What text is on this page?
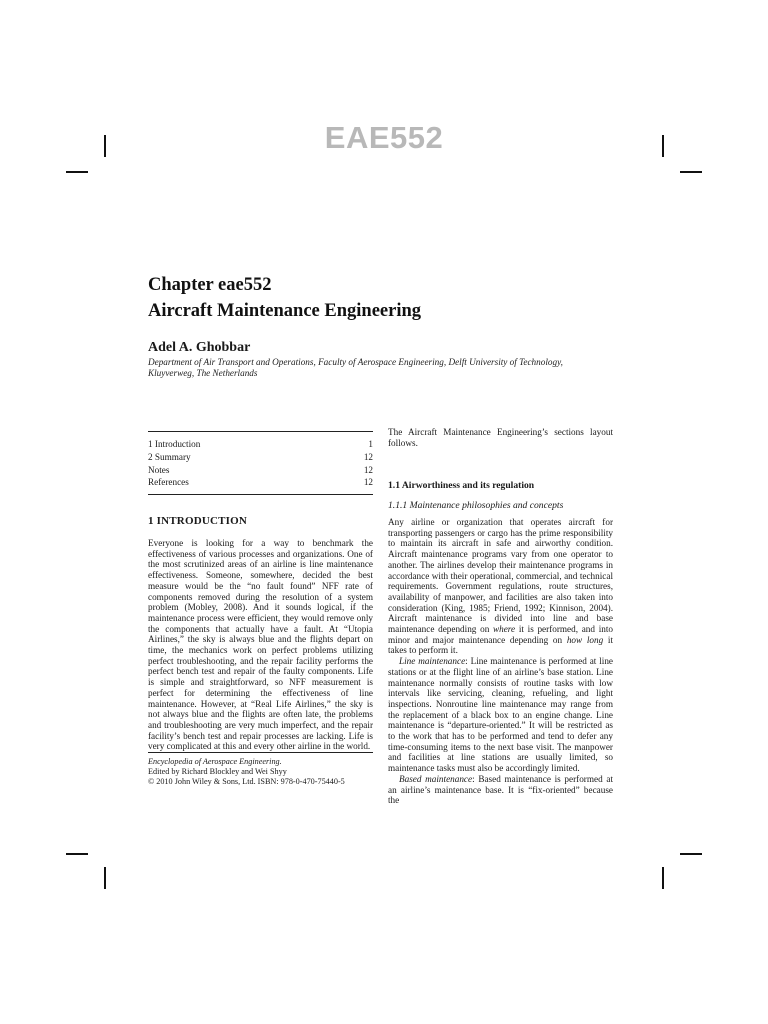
EAE552
Chapter eae552
Aircraft Maintenance Engineering
Adel A. Ghobbar
Department of Air Transport and Operations, Faculty of Aerospace Engineering, Delft University of Technology,
Kluyverweg, The Netherlands
1 Introduction	1
2 Summary	12
Notes	12
References	12
1 INTRODUCTION

Everyone is looking for a way to benchmark the effectiveness of various processes and organizations. One of the most scrutinized areas of an airline is line maintenance effectiveness. Someone, somewhere, decided the best measure would be the “no fault found” NFF rate of components removed during the resolution of a system problem (Mobley, 2008). And it sounds logical, if the maintenance process were efficient, they would remove only the components that actually have a fault. At “Utopia Airlines,” the sky is always blue and the flights depart on time, the mechanics work on perfect problems utilizing perfect troubleshooting, and the repair facility performs the perfect bench test and repair of the faulty components. Life is simple and straightforward, so NFF measurement is perfect for determining the effectiveness of line maintenance. However, at “Real Life Airlines,” the sky is not always blue and the flights are often late, the problems and troubleshooting are very much imperfect, and the repair facility’s bench test and repair processes are lacking. Life is very complicated at this and every other airline in the world.

The Aircraft Maintenance Engineering’s sections layout follows.
1.1 Airworthiness and its regulation
1.1.1 Maintenance philosophies and concepts

Any airline or organization that operates aircraft for transporting passengers or cargo has the prime responsibility to maintain its aircraft in safe and airworthy condition. Aircraft maintenance programs vary from one operator to another. The airlines develop their maintenance programs in accordance with their operational, commercial, and technical requirements. Government regulations, route structures, availability of manpower, and facilities are also taken into consideration (King, 1985; Friend, 1992; Kinnison, 2004). Aircraft maintenance is divided into line and base maintenance depending on where it is performed, and into minor and major maintenance depending on how long it takes to perform it.

Line maintenance: Line maintenance is performed at line stations or at the flight line of an airline’s base station. Line maintenance normally consists of routine tasks with low intervals like servicing, cleaning, refueling, and light inspections. Nonroutine line maintenance may range from the replacement of a black box to an engine change. Line maintenance is “departure-oriented.” It will be restricted as to the work that has to be performed and tend to defer any time-consuming items to the next base visit. The manpower and facilities at line stations are usually limited, so maintenance tasks must also be accordingly limited.

Based maintenance: Based maintenance is performed at an airline’s maintenance base. It is “fix-oriented” because the

Encyclopedia of Aerospace Engineering.
Edited by Richard Blockley and Wei Shyy
© 2010 John Wiley & Sons, Ltd. ISBN: 978-0-470-75440-5
